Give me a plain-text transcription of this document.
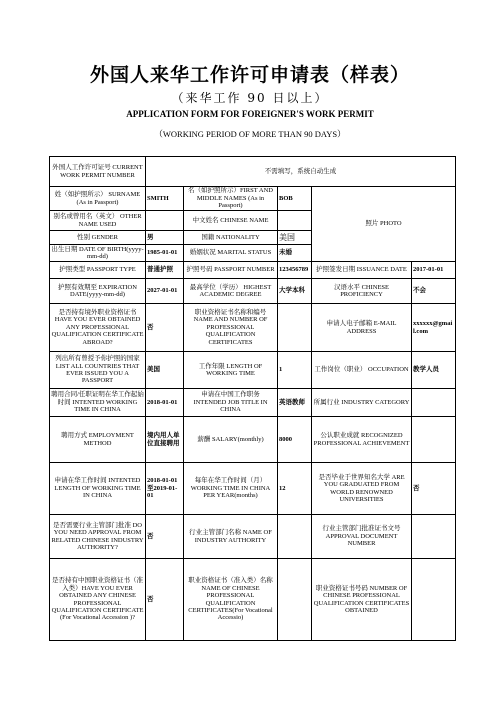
外国人来华工作许可申请表（样表）
（来华工作 90 日以上）
APPLICATION FORM FOR FOREIGNER'S WORK PERMIT
（WORKING PERIOD OF MORE THAN 90 DAYS）
外国人工作许可证号 CURRENT WORK PERMIT NUMBER	不需填写，系统自动生成				
姓（如护照所示） SURNAME (As in Passport)	SMITH	名（如护照所示）FIRST AND MIDDLE NAMES (As in Passport)	BOB	照片 PHOTO	
别名或曾用名（英文） OTHER NAME USED		中文姓名 CHINESE NAME			
性别 GENDER	男	国籍 NATIONALITY	美国		
出生日期 DATE OF BIRTH(yyyy-mm-dd)	1985-01-01	婚姻状况 MARITAL STATUS	未婚		
护照类型 PASSPORT TYPE	普通护照	护照号码 PASSPORT NUMBER	123456789	护照签发日期 ISSUANCE DATE	2017-01-01
护照有效期至 EXPIRATION DATE(yyyy-mm-dd)	2027-01-01	最高学位（学历） HIGHEST ACADEMIC DEGREE	大学本科	汉语水平 CHINESE PROFICIENCY	不会
是否持有境外职业资格证书 HAVE YOU EVER OBTAINED ANY PROFESSIONAL QUALIFICATION CERTIFICATE ABROAD?	否	职业资格证书名称和编号 NAME AND NUMBER OF PROFESSIONAL QUALIFICATION CERTIFICATES		申请人电子邮箱 E-MAIL ADDRESS	xxxxxx@gmail.com
列出所有曾授予你护照的国家 LIST ALL COUNTRIES THAT EVER ISSUED YOU A PASSPORT	美国	工作年限 LENGTH OF WORKING TIME	1	工作岗位（职业） OCCUPATION	教学人员
聘用合同/任职证明在华工作起始时间 INTENTED WORKING TIME IN CHINA	2018-01-01	申请在中国工作职务 INTENDED JOB TITLE IN CHINA	英语教师	所属行业 INDUSTRY CATEGORY	
聘用方式 EMPLOYMENT METHOD	境内用人单位直接聘用	薪酬 SALARY(monthly)	8000	公认职业成就 RECOGNIZED PROFESSIONAL ACHIEVEMENT	
申请在华工作时间 INTENTED LENGTH OF WORKING TIME IN CHINA	2018-01-01至2019-01-01	每年在华工作时间（月）WORKING TIME IN CHINA PER YEAR(months)	12	是否毕业于世界知名大学 ARE YOU GRADUATED FROM WORLD RENOWNED UNIVERSITIES	否
是否需要行业主管部门批准 DO YOU NEED APPROVAL FROM RELATED CHINESE INDUSTRY AUTHORITY?	否	行业主管部门名称 NAME OF INDUSTRY AUTHORITY		行业主管部门批准证书文号 APPROVAL DOCUMENT NUMBER	
是否持有中国职业资格证书（准入类）HAVE YOU EVER OBTAINED ANY CHINESE PROFESSIONAL QUALIFICATION CERTIFICATE (For Vocational Accession )?	否	职业资格证书（准入类）名称 NAME OF CHINESE PROFESSIONAL QUALIFICATION CERTIFICATES(For Vocational Accessio)		职业资格证书号码 NUMBER OF CHINESE PROFESSIONAL QUALIFICATION CERTIFICATES OBTAINED	
